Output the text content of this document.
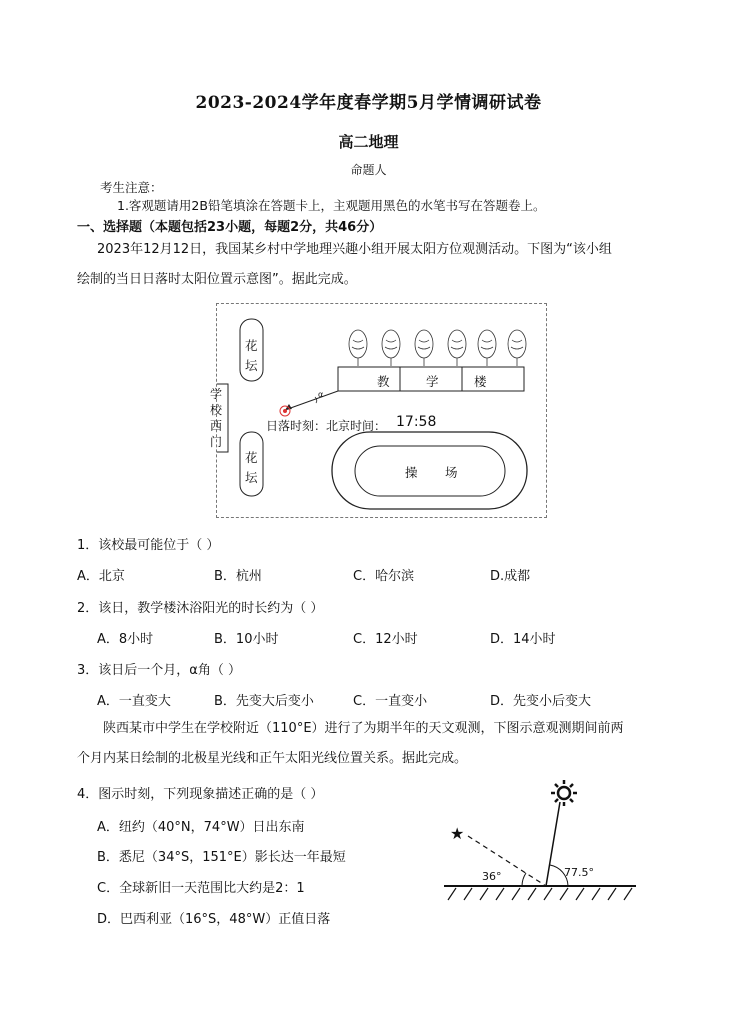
2023-2024学年度春学期5月学情调研试卷
高二地理
命题人
考生注意：
1.客观题请用2B铅笔填涂在答题卡上，主观题用黑色的水笔书写在答题卷上。
一、选择题（本题包括23小题，每题2分，共46分）
2023年12月12日，我国某乡村中学地理兴趣小组开展太阳方位观测活动。下图为“该小组
绘制的当日日落时太阳位置示意图”。据此完成。
花
坛
花
坛
学
校
西
门
教	学	楼
α
日落时刻：北京时间： 17:58
操 场
1．该校最可能位于（ ）
A．北京	B．杭州	C．哈尔滨	D.成都
2．该日，教学楼沐浴阳光的时长约为（ ）
A．8小时	B．10小时	C．12小时	D．14小时
3．该日后一个月，α角（ ）
A．一直变大	B．先变大后变小	C．一直变小	D．先变小后变大
陕西某市中学生在学校附近（110°E）进行了为期半年的天文观测，下图示意观测期间前两
个月内某日绘制的北极星光线和正午太阳光线位置关系。据此完成。
4．图示时刻，下列现象描述正确的是（ ）
A．纽约（40°N，74°W）日出东南
B．悉尼（34°S，151°E）影长达一年最短
C．全球新旧一天范围比大约是2：1
D．巴西利亚（16°S，48°W）正值日落
★
36°	77.5°
